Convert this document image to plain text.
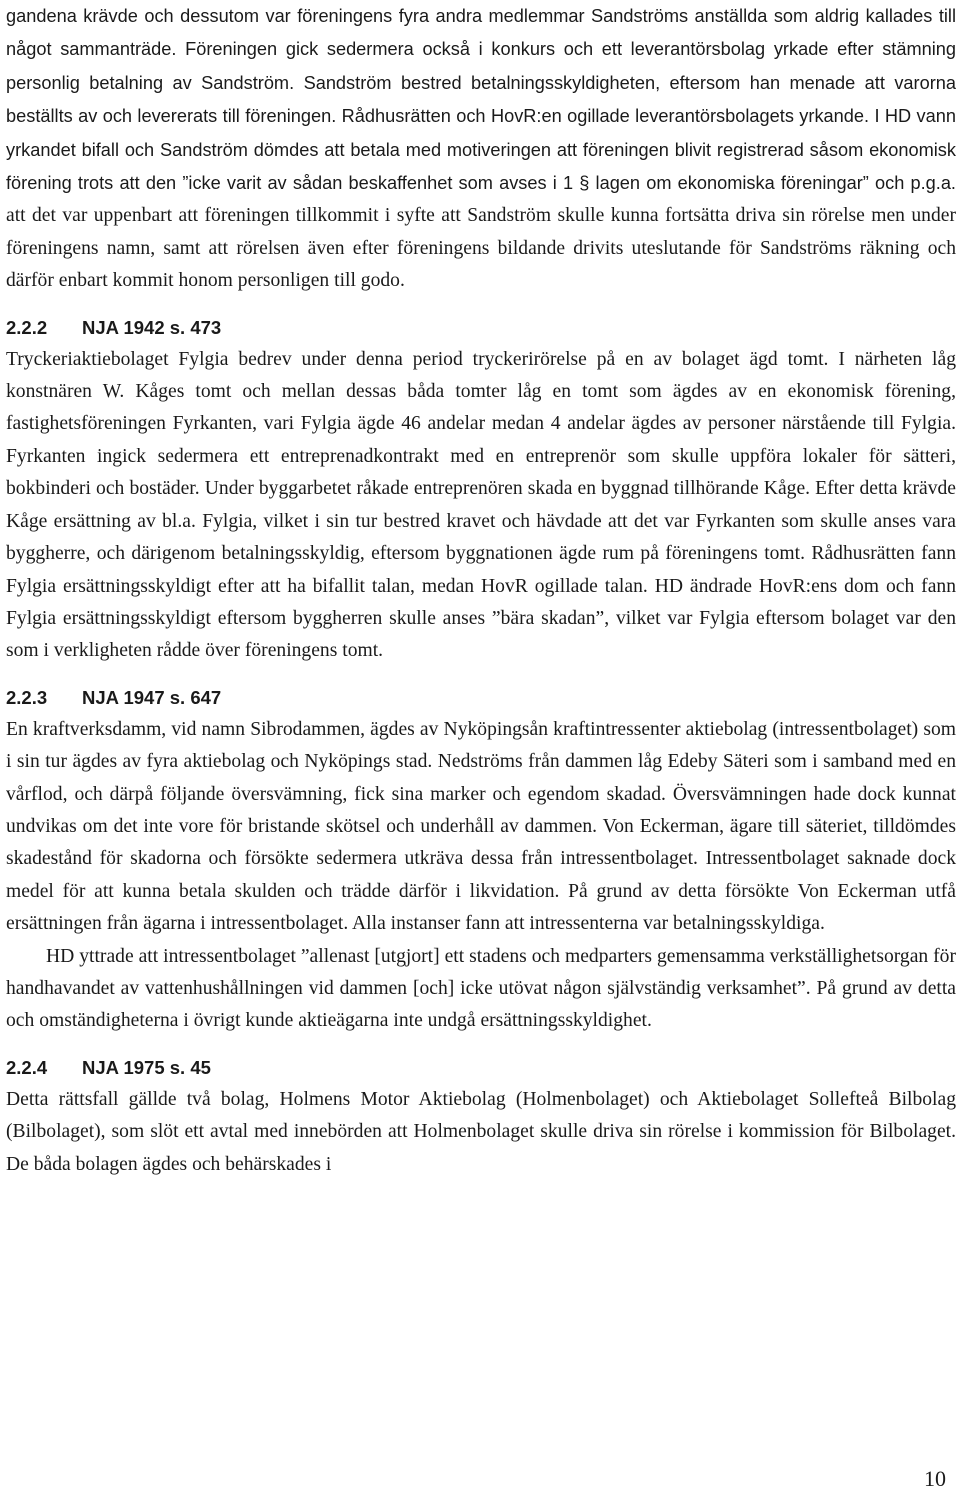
gandena krävde och dessutom var föreningens fyra andra medlemmar Sandströms anställda som aldrig kallades till något sammanträde. Föreningen gick sedermera också i konkurs och ett leverantörsbolag yrkade efter stämning personlig betalning av Sandström. Sandström bestred betalningsskyldigheten, eftersom han menade att varorna beställts av och levererats till föreningen. Rådhusrätten och HovR:en ogillade leverantörsbolagets yrkande. I HD vann yrkandet bifall och Sandström dömdes att betala med motiveringen att föreningen blivit registrerad såsom ekonomisk förening trots att den ”icke varit av sådan beskaffenhet som avses i 1 § lagen om ekonomiska föreningar” och p.g.a. att det var uppenbart att föreningen tillkommit i syfte att Sandström skulle kunna fortsätta driva sin rörelse men under föreningens namn, samt att rörelsen även efter föreningens bildande drivits uteslutande för Sandströms räkning och därför enbart kommit honom personligen till godo.

2.2.2 NJA 1942 s. 473

Tryckeriaktiebolaget Fylgia bedrev under denna period tryckerirörelse på en av bolaget ägd tomt. I närheten låg konstnären W. Kåges tomt och mellan dessas båda tomter låg en tomt som ägdes av en ekonomisk förening, fastighetsföreningen Fyrkanten, vari Fylgia ägde 46 andelar medan 4 andelar ägdes av personer närstående till Fylgia. Fyrkanten ingick sedermera ett entreprenadkontrakt med en entreprenör som skulle uppföra lokaler för sätteri, bokbinderi och bostäder. Under byggarbetet råkade entreprenören skada en byggnad tillhörande Kåge. Efter detta krävde Kåge ersättning av bl.a. Fylgia, vilket i sin tur bestred kravet och hävdade att det var Fyrkanten som skulle anses vara byggherre, och därigenom betalningsskyldig, eftersom byggnationen ägde rum på föreningens tomt. Rådhusrätten fann Fylgia ersättningsskyldigt efter att ha bifallit talan, medan HovR ogillade talan. HD ändrade HovR:ens dom och fann Fylgia ersättningsskyldigt eftersom byggherren skulle anses ”bära skadan”, vilket var Fylgia eftersom bolaget var den som i verkligheten rådde över föreningens tomt.

2.2.3 NJA 1947 s. 647

En kraftverksdamm, vid namn Sibrodammen, ägdes av Nyköpingsån kraftintressenter aktiebolag (intressentbolaget) som i sin tur ägdes av fyra aktiebolag och Nyköpings stad. Nedströms från dammen låg Edeby Säteri som i samband med en vårflod, och därpå följande översvämning, fick sina marker och egendom skadad. Översvämningen hade dock kunnat undvikas om det inte vore för bristande skötsel och underhåll av dammen. Von Eckerman, ägare till säteriet, tilldömdes skadestånd för skadorna och försökte sedermera utkräva dessa från intressentbolaget. Intressentbolaget saknade dock medel för att kunna betala skulden och trädde därför i likvidation. På grund av detta försökte Von Eckerman utfå ersättningen från ägarna i intressentbolaget. Alla instanser fann att intressenterna var betalningsskyldiga.

HD yttrade att intressentbolaget ”allenast [utgjort] ett stadens och medparters gemensamma verkställighetsorgan för handhavandet av vattenhushållningen vid dammen [och] icke utövat någon självständig verksamhet”. På grund av detta och omständigheterna i övrigt kunde aktieägarna inte undgå ersättningsskyldighet.

2.2.4 NJA 1975 s. 45

Detta rättsfall gällde två bolag, Holmens Motor Aktiebolag (Holmenbolaget) och Aktiebolaget Sollefteå Bilbolag (Bilbolaget), som slöt ett avtal med innebörden att Holmenbolaget skulle driva sin rörelse i kommission för Bilbolaget. De båda bolagen ägdes och behärskades i

10
